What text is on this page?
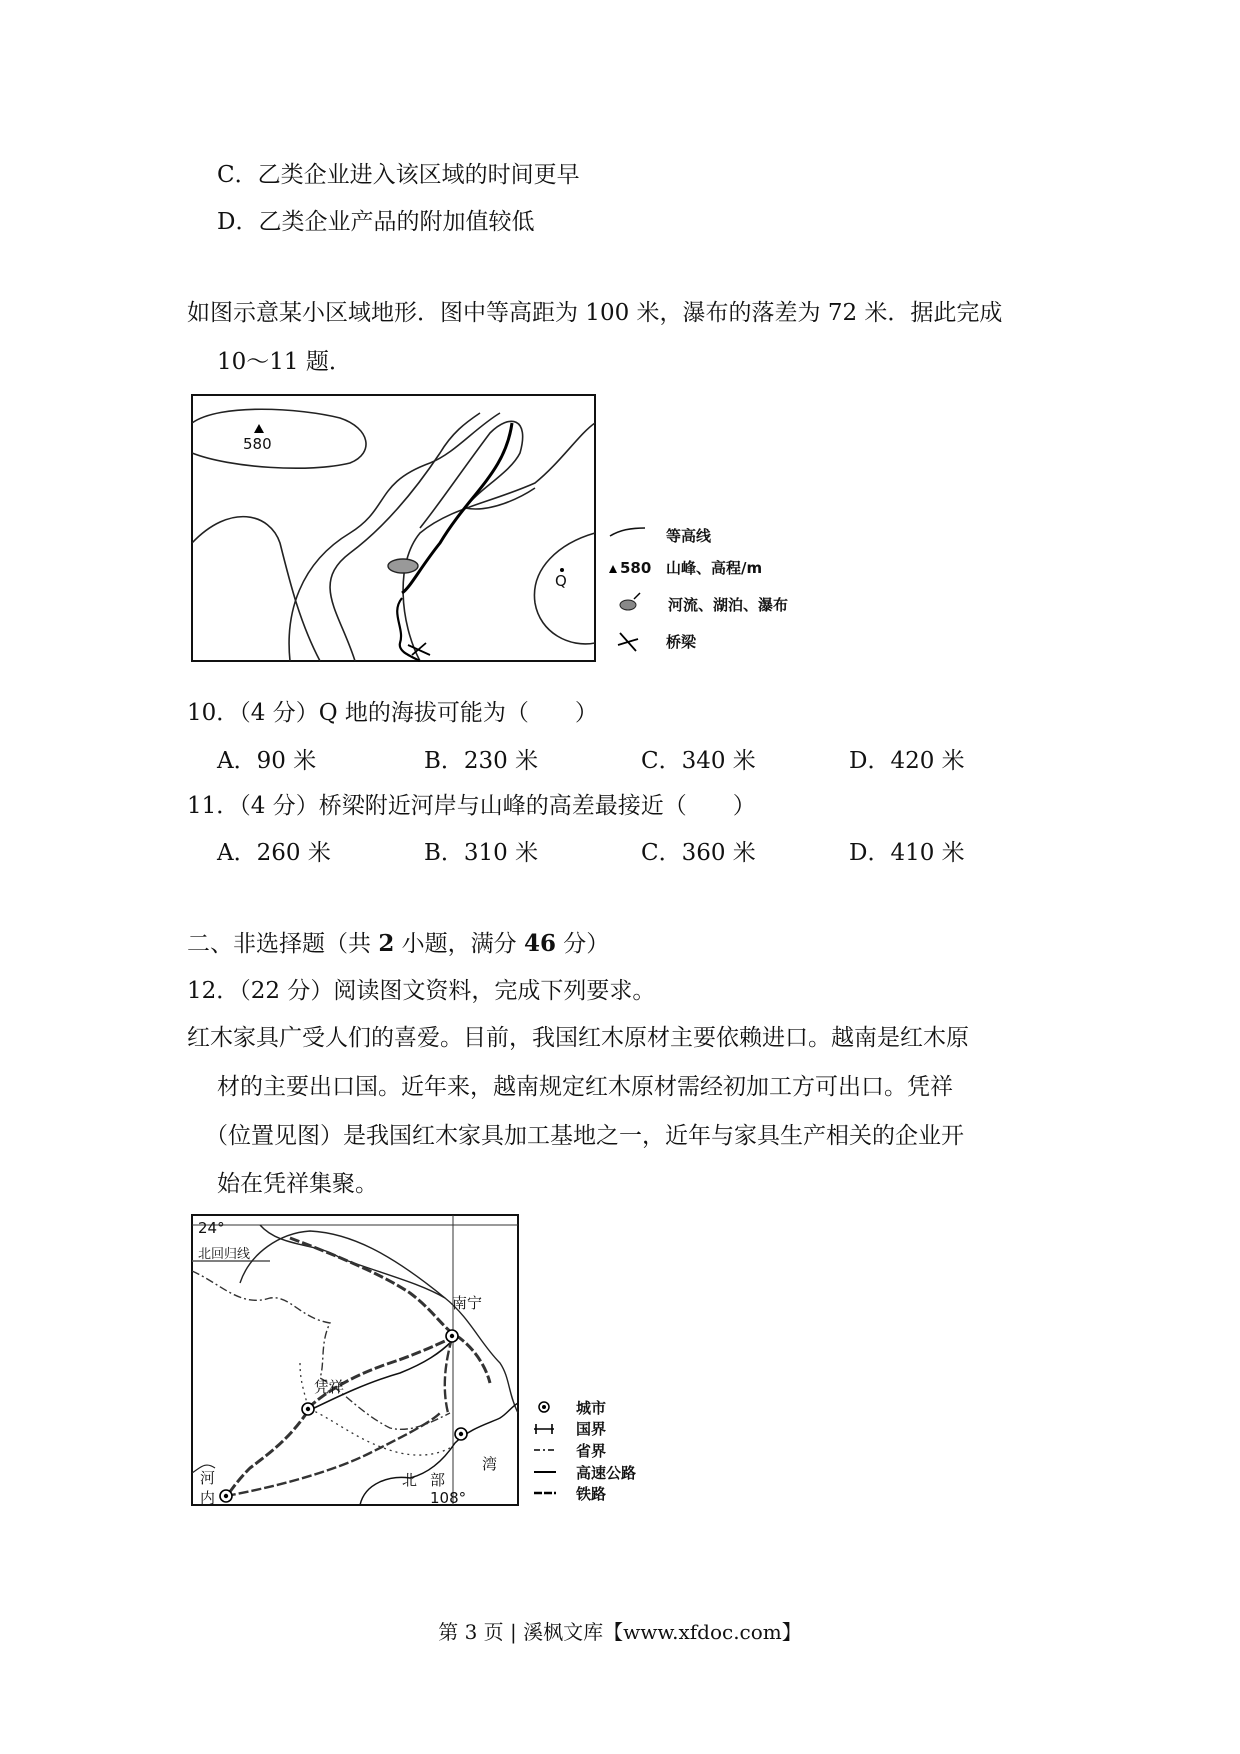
C．乙类企业进入该区域的时间更早
D．乙类企业产品的附加值较低
如图示意某小区域地形．图中等高距为 100 米，瀑布的落差为 72 米．据此完成
10～11 题．
580
Q
等高线
580 山峰、高程/m
河流、湖泊、瀑布
桥梁
10．（4 分）Q 地的海拔可能为（　　）
A．90 米	B．230 米	C．340 米	D．420 米
11．（4 分）桥梁附近河岸与山峰的高差最接近（　　）
A．260 米	B．310 米	C．360 米	D．410 米
二、非选择题（共 2 小题，满分 46 分）
12．（22 分）阅读图文资料，完成下列要求。
红木家具广受人们的喜爱。目前，我国红木原材主要依赖进口。越南是红木原
材的主要出口国。近年来，越南规定红木原材需经初加工方可出口。凭祥
（位置见图）是我国红木家具加工基地之一，近年与家具生产相关的企业开
始在凭祥集聚。
24°
北回归线
南宁
凭祥
河
内
北 部
湾
108°
城市
国界
省界
高速公路
铁路
第 3 页 | 溪枫文库【www.xfdoc.com】
